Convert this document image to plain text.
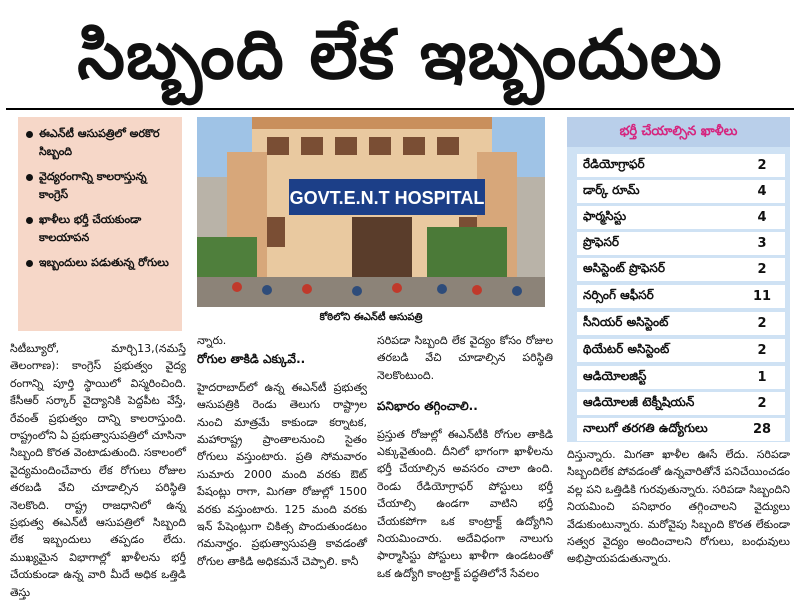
సిబ్బంది లేక ఇబ్బందులు
ఈఎన్‌టీ ఆసుపత్రిలో అరకొర సిబ్బంది
వైద్యరంగాన్ని కాలరాస్తున్న కాంగ్రెస్
ఖాళీలు భర్తీ చేయకుండా కాలయాపన
ఇబ్బందులు పడుతున్న రోగులు
GOVT.E.N.T HOSPITAL
కోఠిలోని ఈఎన్‌టీ ఆసుపత్రి
భర్తీ చేయాల్సిన ఖాళీలు
రేడియోగ్రాఫర్	2
డార్క్ రూమ్	4
ఫార్మసిస్టు	4
ప్రొఫెసర్	3
అసిస్టెంట్ ప్రొఫెసర్	2
నర్సింగ్ ఆఫీసర్	11
సీనియర్ అసిస్టెంట్	2
థియేటర్ అసిస్టెంట్	2
ఆడియోలజిస్ట్	1
ఆడియోలజీ టెక్నీషియన్	2
నాలుగో తరగతి ఉద్యోగులు	28

సిటీబ్యూరో, మార్చి13,(నమస్తే తెలంగాణ): కాంగ్రెస్ ప్రభుత్వం వైద్య రంగాన్ని పూర్తి స్థాయిలో విస్మరించింది. కేసీఆర్ సర్కార్ వైద్యానికి పెద్దపీట వేస్తే, రేవంత్ ప్రభుత్వం దాన్ని కాలరాస్తుంది. రాష్ట్రంలోని ఏ ప్రభుత్వాసుపత్రిలో చూసినా సిబ్బంది కొరత వెంటాడుతుంది. సకాలంలో వైద్యమందించేవారు లేక రోగులు రోజుల తరబడి వేచి చూడాల్సిన పరిస్థితి నెలకొంది. రాష్ట్ర రాజధానిలో ఉన్న ప్రభుత్వ ఈఎన్‌టీ ఆసుపత్రిలో సిబ్బంది లేక ఇబ్బందులు తప్పడం లేదు. ముఖ్యమైన విభాగాల్లో ఖాళీలను భర్తీ చేయకుండా ఉన్న వారి మీదే అధిక ఒత్తిడి తెస్తు

న్నారు.

రోగుల తాకిడి ఎక్కువే..

హైదరాబాద్‌లో ఉన్న ఈఎన్‌టీ ప్రభుత్వ ఆసుపత్రికి రెండు తెలుగు రాష్ట్రాల నుంచి మాత్రమే కాకుండా కర్నాటక, మహారాష్ట్ర ప్రాంతాలనుంచి సైతం రోగులు వస్తుంటారు. ప్రతి సోమవారం సుమారు 2000 మంది వరకు ఔట్ పేషంట్లు రాగా, మిగతా రోజుల్లో 1500 వరకు వస్తుంటారు. 125 మంది వరకు ఇన్ పేషెంట్లుగా చికిత్స పొందుతుండటం గమనార్హం. ప్రభుత్వాసుపత్రి కావడంతో రోగుల తాకిడి అధికమనే చెప్పాలి. కానీ

సరిపడా సిబ్బంది లేక వైద్యం కోసం రోజుల తరబడి వేచి చూడాల్సిన పరిస్థితి నెలకొంటుంది.

పనిభారం తగ్గించాలి..

ప్రస్తుత రోజుల్లో ఈఎన్‌టీకి రోగుల తాకిడి ఎక్కువైతుంది. దీనిలో భాగంగా ఖాళీలను భర్తీ చేయాల్సిన అవసరం చాలా ఉంది. రెండు రేడియోగ్రాఫర్ పోస్టులు భర్తీ చేయాల్సి ఉండగా వాటిని భర్తీ చేయకపోగా ఒక కాంట్రాక్ట్ ఉద్యోగిని నియమించారు. అదేవిధంగా నాలుగు ఫార్మాసిస్టు పోస్టులు ఖాళీగా ఉండటంతో ఒక ఉద్యోగి కాంట్రాక్ట్ పద్ధతిలోనే సేవలం

దిస్తున్నారు. మిగతా ఖాళీల ఊసే లేదు. సరిపడా సిబ్బందిలేక పోవడంతో ఉన్నవారితోనే పనిచేయించడం వల్ల పని ఒత్తిడికి గురవుతున్నారు. సరిపడా సిబ్బందిని నియమించి పనిభారం తగ్గించాలని వైద్యులు వేడుకుంటున్నారు. మరోవైపు సిబ్బంది కొరత లేకుండా సత్వర వైద్యం అందించాలని రోగులు, బంధువులు అభిప్రాయపడుతున్నారు.
